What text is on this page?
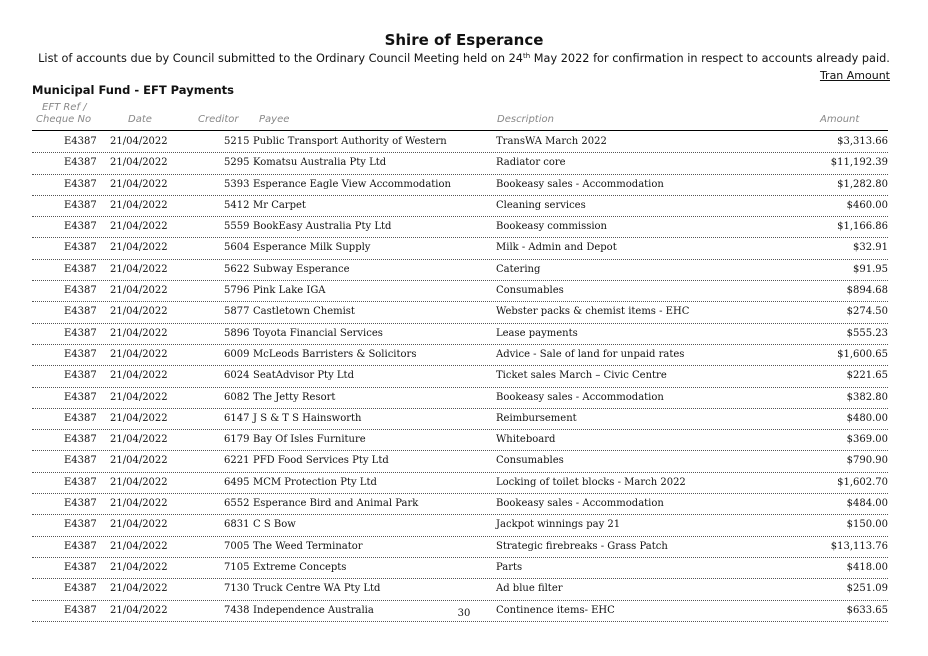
Shire of Esperance
List of accounts due by Council submitted to the Ordinary Council Meeting held on 24th May 2022 for confirmation in respect to accounts already paid.
Tran Amount
Municipal Fund - EFT Payments
EFT Ref /
Cheque No	Date	Creditor Payee	Description	Amount
E4387 21/04/2022	5215 Public Transport Authority of Western	TransWA March 2022	$3,313.66
E4387 21/04/2022	5295 Komatsu Australia Pty Ltd	Radiator core	$11,192.39
E4387 21/04/2022	5393 Esperance Eagle View Accommodation	Bookeasy sales - Accommodation	$1,282.80
E4387 21/04/2022	5412 Mr Carpet	Cleaning services	$460.00
E4387 21/04/2022	5559 BookEasy Australia Pty Ltd	Bookeasy commission	$1,166.86
E4387 21/04/2022	5604 Esperance Milk Supply	Milk - Admin and Depot	$32.91
E4387 21/04/2022	5622 Subway Esperance	Catering	$91.95
E4387 21/04/2022	5796 Pink Lake IGA	Consumables	$894.68
E4387 21/04/2022	5877 Castletown Chemist	Webster packs & chemist items - EHC	$274.50
E4387 21/04/2022	5896 Toyota Financial Services	Lease payments	$555.23
E4387 21/04/2022	6009 McLeods Barristers & Solicitors	Advice - Sale of land for unpaid rates	$1,600.65
E4387 21/04/2022	6024 SeatAdvisor Pty Ltd	Ticket sales March – Civic Centre	$221.65
E4387 21/04/2022	6082 The Jetty Resort	Bookeasy sales - Accommodation	$382.80
E4387 21/04/2022	6147 J S & T S Hainsworth	Reimbursement	$480.00
E4387 21/04/2022	6179 Bay Of Isles Furniture	Whiteboard	$369.00
E4387 21/04/2022	6221 PFD Food Services Pty Ltd	Consumables	$790.90
E4387 21/04/2022	6495 MCM Protection Pty Ltd	Locking of toilet blocks - March 2022	$1,602.70
E4387 21/04/2022	6552 Esperance Bird and Animal Park	Bookeasy sales - Accommodation	$484.00
E4387 21/04/2022	6831 C S Bow	Jackpot winnings pay 21	$150.00
E4387 21/04/2022	7005 The Weed Terminator	Strategic firebreaks - Grass Patch	$13,113.76
E4387 21/04/2022	7105 Extreme Concepts	Parts	$418.00
E4387 21/04/2022	7130 Truck Centre WA Pty Ltd	Ad blue filter	$251.09
E4387 21/04/2022	7438 Independence Australia	Continence items- EHC	$633.65
30
